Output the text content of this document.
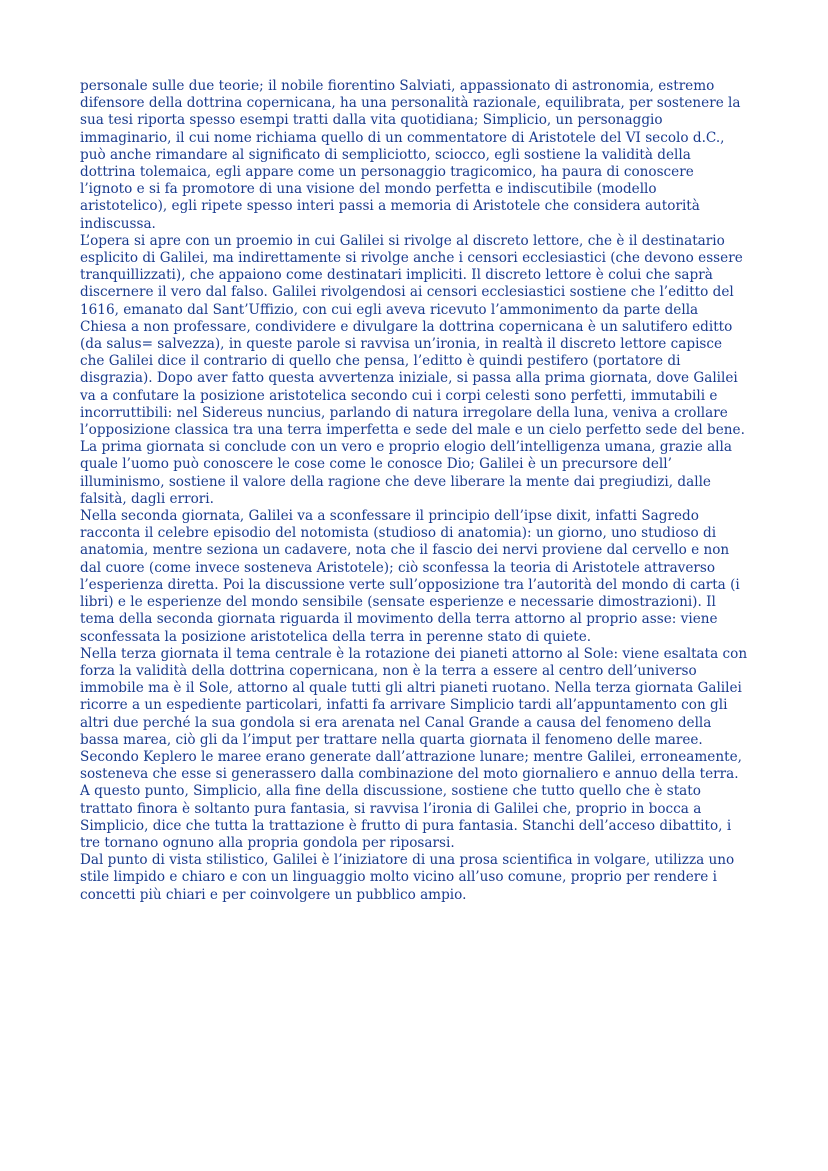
personale sulle due teorie; il nobile fiorentino Salviati, appassionato di astronomia, estremo difensore della dottrina copernicana, ha una personalità razionale, equilibrata, per sostenere la sua tesi riporta spesso esempi tratti dalla vita quotidiana; Simplicio, un personaggio immaginario, il cui nome richiama quello di un commentatore di Aristotele del VI secolo d.C., può anche rimandare al significato di sempliciotto, sciocco, egli sostiene la validità della dottrina tolemaica, egli appare come un personaggio tragicomico, ha paura di conoscere l’ignoto e si fa promotore di una visione del mondo perfetta e indiscutibile (modello aristotelico), egli ripete spesso interi passi a memoria di Aristotele che considera autorità indiscussa.

L’opera si apre con un proemio in cui Galilei si rivolge al discreto lettore, che è il destinatario esplicito di Galilei, ma indirettamente si rivolge anche i censori ecclesiastici (che devono essere tranquillizzati), che appaiono come destinatari impliciti. Il discreto lettore è colui che saprà discernere il vero dal falso. Galilei rivolgendosi ai censori ecclesiastici sostiene che l’editto del 1616, emanato dal Sant’Uffizio, con cui egli aveva ricevuto l’ammonimento da parte della Chiesa a non professare, condividere e divulgare la dottrina copernicana è un salutifero editto (da salus= salvezza), in queste parole si ravvisa un’ironia, in realtà il discreto lettore capisce che Galilei dice il contrario di quello che pensa, l’editto è quindi pestifero (portatore di disgrazia). Dopo aver fatto questa avvertenza iniziale, si passa alla prima giornata, dove Galilei va a confutare la posizione aristotelica secondo cui i corpi celesti sono perfetti, immutabili e incorruttibili: nel Sidereus nuncius, parlando di natura irregolare della luna, veniva a crollare l’opposizione classica tra una terra imperfetta e sede del male e un cielo perfetto sede del bene. La prima giornata si conclude con un vero e proprio elogio dell’intelligenza umana, grazie alla quale l’uomo può conoscere le cose come le conosce Dio; Galilei è un precursore dell’ illuminismo, sostiene il valore della ragione che deve liberare la mente dai pregiudizi, dalle falsità, dagli errori.

Nella seconda giornata, Galilei va a sconfessare il principio dell’ipse dixit, infatti Sagredo racconta il celebre episodio del notomista (studioso di anatomia): un giorno, uno studioso di anatomia, mentre seziona un cadavere, nota che il fascio dei nervi proviene dal cervello e non dal cuore (come invece sosteneva Aristotele); ciò sconfessa la teoria di Aristotele attraverso l’esperienza diretta. Poi la discussione verte sull’opposizione tra l’autorità del mondo di carta (i libri) e le esperienze del mondo sensibile (sensate esperienze e necessarie dimostrazioni). Il tema della seconda giornata riguarda il movimento della terra attorno al proprio asse: viene sconfessata la posizione aristotelica della terra in perenne stato di quiete.

Nella terza giornata il tema centrale è la rotazione dei pianeti attorno al Sole: viene esaltata con forza la validità della dottrina copernicana, non è la terra a essere al centro dell’universo immobile ma è il Sole, attorno al quale tutti gli altri pianeti ruotano. Nella terza giornata Galilei ricorre a un espediente particolari, infatti fa arrivare Simplicio tardi all’appuntamento con gli altri due perché la sua gondola si era arenata nel Canal Grande a causa del fenomeno della bassa marea, ciò gli da l’imput per trattare nella quarta giornata il fenomeno delle maree. Secondo Keplero le maree erano generate dall’attrazione lunare; mentre Galilei, erroneamente, sosteneva che esse si generassero dalla combinazione del moto giornaliero e annuo della terra.

A questo punto, Simplicio, alla fine della discussione, sostiene che tutto quello che è stato trattato finora è soltanto pura fantasia, si ravvisa l’ironia di Galilei che, proprio in bocca a Simplicio, dice che tutta la trattazione è frutto di pura fantasia. Stanchi dell’acceso dibattito, i tre tornano ognuno alla propria gondola per riposarsi.

Dal punto di vista stilistico, Galilei è l’iniziatore di una prosa scientifica in volgare, utilizza uno stile limpido e chiaro e con un linguaggio molto vicino all’uso comune, proprio per rendere i concetti più chiari e per coinvolgere un pubblico ampio.
